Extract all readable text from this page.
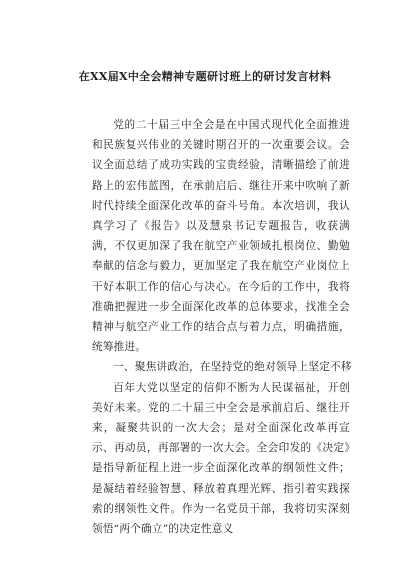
在XX届X中全会精神专题研讨班上的研讨发言材料

党的二十届三中全会是在中国式现代化全面推进和民族复兴伟业的关键时期召开的一次重要会议。会议全面总结了成功实践的宝贵经验，清晰描绘了前进路上的宏伟蓝图，在承前启后、继往开来中吹响了新时代持续全面深化改革的奋斗号角。本次培训，我认真学习了《报告》以及慧泉书记专题报告，收获满满，不仅更加深了我在航空产业领域扎根岗位、勤勉奉献的信念与毅力，更加坚定了我在航空产业岗位上干好本职工作的信心与决心。在今后的工作中，我将准确把握进一步全面深化改革的总体要求，找准全会精神与航空产业工作的结合点与着力点，明确措施，统筹推进。

一、聚焦讲政治，在坚持党的绝对领导上坚定不移

百年大党以坚定的信仰不断为人民谋福祉，开创美好未来。党的二十届三中全会是承前启后、继往开来，凝聚共识的一次大会；是对全面深化改革再宣示、再动员，再部署的一次大会。全会印发的《决定》是指导新征程上进一步全面深化改革的纲领性文件；是凝结着经验智慧、释放着真理光辉、指引着实践探索的纲领性文件。作为一名党员干部，我将切实深刻领悟“两个确立”的决定性意义
